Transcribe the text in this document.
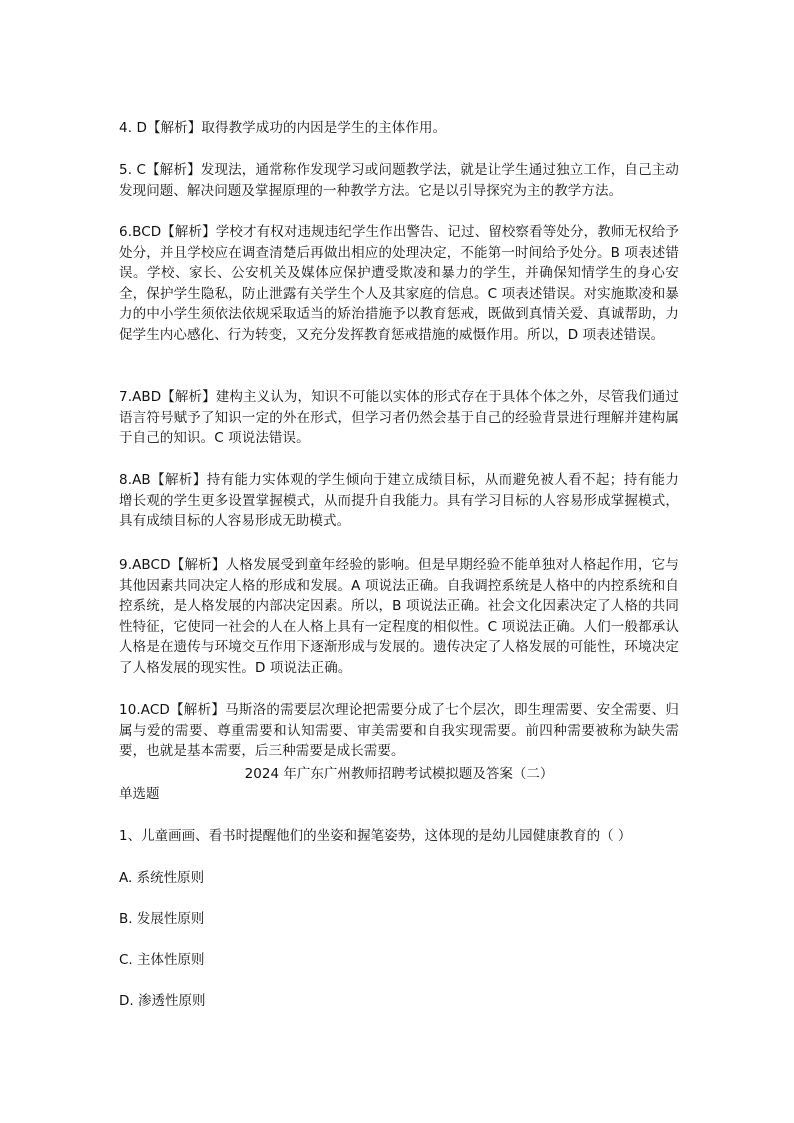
4. D【解析】取得教学成功的内因是学生的主体作用。
5. C【解析】发现法，通常称作发现学习或问题教学法，就是让学生通过独立工作，自己主动发现问题、解决问题及掌握原理的一种教学方法。它是以引导探究为主的教学方法。
6.BCD【解析】学校才有权对违规违纪学生作出警告、记过、留校察看等处分，教师无权给予处分，并且学校应在调查清楚后再做出相应的处理决定，不能第一时间给予处分。B 项表述错误。学校、家长、公安机关及媒体应保护遭受欺凌和暴力的学生，并确保知情学生的身心安全，保护学生隐私，防止泄露有关学生个人及其家庭的信息。C 项表述错误。对实施欺凌和暴力的中小学生须依法依规采取适当的矫治措施予以教育惩戒，既做到真情关爱、真诚帮助，力促学生内心感化、行为转变，又充分发挥教育惩戒措施的威慑作用。所以，D 项表述错误。
7.ABD【解析】建构主义认为，知识不可能以实体的形式存在于具体个体之外，尽管我们通过语言符号赋予了知识一定的外在形式，但学习者仍然会基于自己的经验背景进行理解并建构属于自己的知识。C 项说法错误。
8.AB【解析】持有能力实体观的学生倾向于建立成绩目标，从而避免被人看不起；持有能力增长观的学生更多设置掌握模式，从而提升自我能力。具有学习目标的人容易形成掌握模式，具有成绩目标的人容易形成无助模式。
9.ABCD【解析】人格发展受到童年经验的影响。但是早期经验不能单独对人格起作用，它与其他因素共同决定人格的形成和发展。A 项说法正确。自我调控系统是人格中的内控系统和自控系统，是人格发展的内部决定因素。所以，B 项说法正确。社会文化因素决定了人格的共同性特征，它使同一社会的人在人格上具有一定程度的相似性。C 项说法正确。人们一般都承认人格是在遗传与环境交互作用下逐渐形成与发展的。遗传决定了人格发展的可能性，环境决定了人格发展的现实性。D 项说法正确。
10.ACD【解析】马斯洛的需要层次理论把需要分成了七个层次，即生理需要、安全需要、归属与爱的需要、尊重需要和认知需要、审美需要和自我实现需要。前四种需要被称为缺失需要，也就是基本需要，后三种需要是成长需要。
2024 年广东广州教师招聘考试模拟题及答案（二）
单选题
1、儿童画画、看书时提醒他们的坐姿和握笔姿势，这体现的是幼儿园健康教育的（ ）
A. 系统性原则
B. 发展性原则
C. 主体性原则
D. 渗透性原则
